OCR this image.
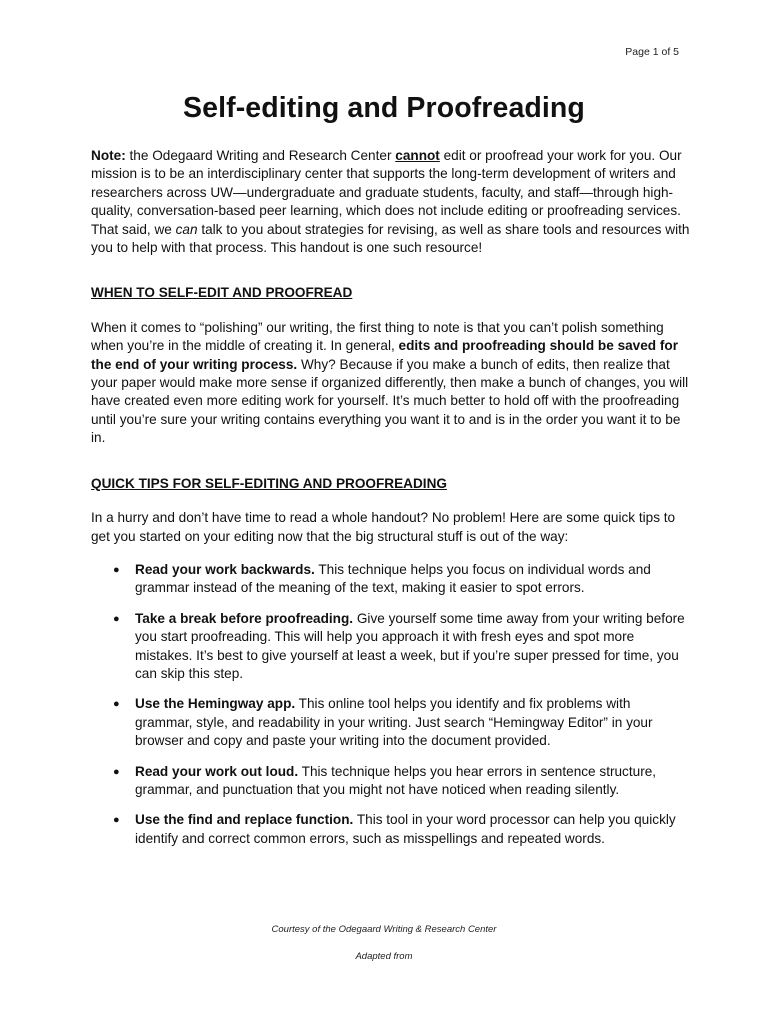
Page 1 of 5
Self-editing and Proofreading

Note: the Odegaard Writing and Research Center cannot edit or proofread your work for you. Our mission is to be an interdisciplinary center that supports the long-term development of writers and researchers across UW—undergraduate and graduate students, faculty, and staff—through high-quality, conversation-based peer learning, which does not include editing or proofreading services. That said, we can talk to you about strategies for revising, as well as share tools and resources with you to help with that process. This handout is one such resource!

WHEN TO SELF-EDIT AND PROOFREAD

When it comes to “polishing” our writing, the first thing to note is that you can’t polish something when you’re in the middle of creating it. In general, edits and proofreading should be saved for the end of your writing process. Why? Because if you make a bunch of edits, then realize that your paper would make more sense if organized differently, then make a bunch of changes, you will have created even more editing work for yourself. It’s much better to hold off with the proofreading until you’re sure your writing contains everything you want it to and is in the order you want it to be in.

QUICK TIPS FOR SELF-EDITING AND PROOFREADING

In a hurry and don’t have time to read a whole handout? No problem! Here are some quick tips to get you started on your editing now that the big structural stuff is out of the way:

● Read your work backwards. This technique helps you focus on individual words and grammar instead of the meaning of the text, making it easier to spot errors.
● Take a break before proofreading. Give yourself some time away from your writing before you start proofreading. This will help you approach it with fresh eyes and spot more mistakes. It’s best to give yourself at least a week, but if you’re super pressed for time, you can skip this step.
● Use the Hemingway app. This online tool helps you identify and fix problems with grammar, style, and readability in your writing. Just search “Hemingway Editor” in your browser and copy and paste your writing into the document provided.
● Read your work out loud. This technique helps you hear errors in sentence structure, grammar, and punctuation that you might not have noticed when reading silently.
● Use the find and replace function. This tool in your word processor can help you quickly identify and correct common errors, such as misspellings and repeated words.
Courtesy of the Odegaard Writing & Research Center
Adapted from
